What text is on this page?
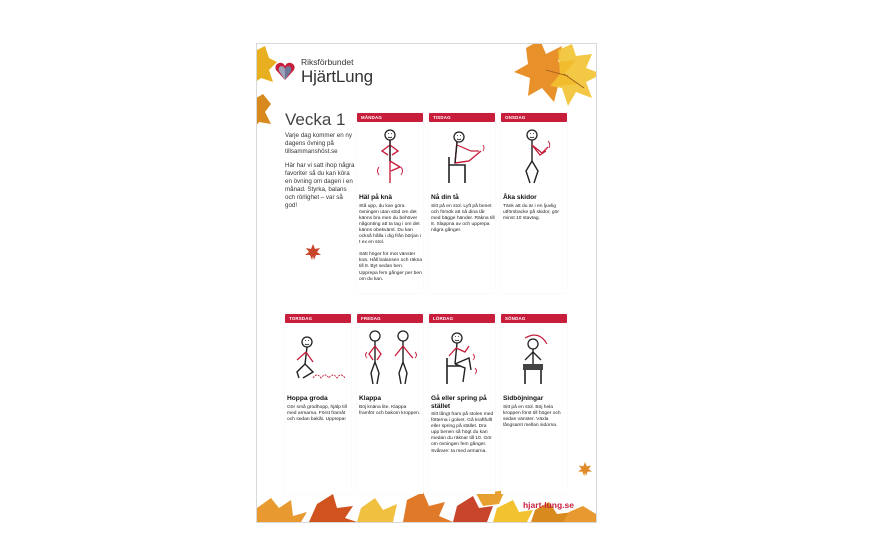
Riksförbundet
HjärtLung
Vecka 1

Varje dag kommer en ny dagens övning på tillsammanshöst.se

Här har vi satt ihop några favoriter så du kan köra en övning om dagen i en månad. Styrka, balans och rörlighet – var så god!

MÅNDAG
Häl på knä
Stå upp, du kan göra övningen utan stöd om det känns bra men du behöver någonting att ta tag i om det känns obekvämt. Du kan också hålla i dig från början i t ex en stol.

Sätt höger fot mot vänster knä. Håll balansen och räkna till 8. Byt sedan ben. Upprepa fem gånger per ben om du kan.
TISDAG
Nå din tå
Sitt på en stol. Lyft på benet och försök att nå dina tår med bägge händer. Räkna till 8. Slappna av och upprepa några gånger.
ONSDAG
Åka skidor
Tänk att du är i en ljuvlig utförsbacke på skidor, gör minst 10 stavtag.
TORSDAG
Hoppa groda
Gör små grodhopp, hjälp till med armarna. Först framåt och sedan bakåt. Upprepa!
FREDAG
Klappa
Böj knäna lite. Klappa framför och bakom kroppen.
LÖRDAG
Gå eller spring på stället
Sitt långt fram på stolen med fötterna i golvet. Gå kraftfullt eller spring på stället. Dra upp benen så högt du kan medan du räknar till 10. Gör om övningen fem gånger. Svårare: ta med armarna.
SÖNDAG
Sidböjningar
Sitt på en stol. Böj hela kroppen först till höger och sedan vänster. Växla långsamt mellan sidorna.
hjart-lung.se
